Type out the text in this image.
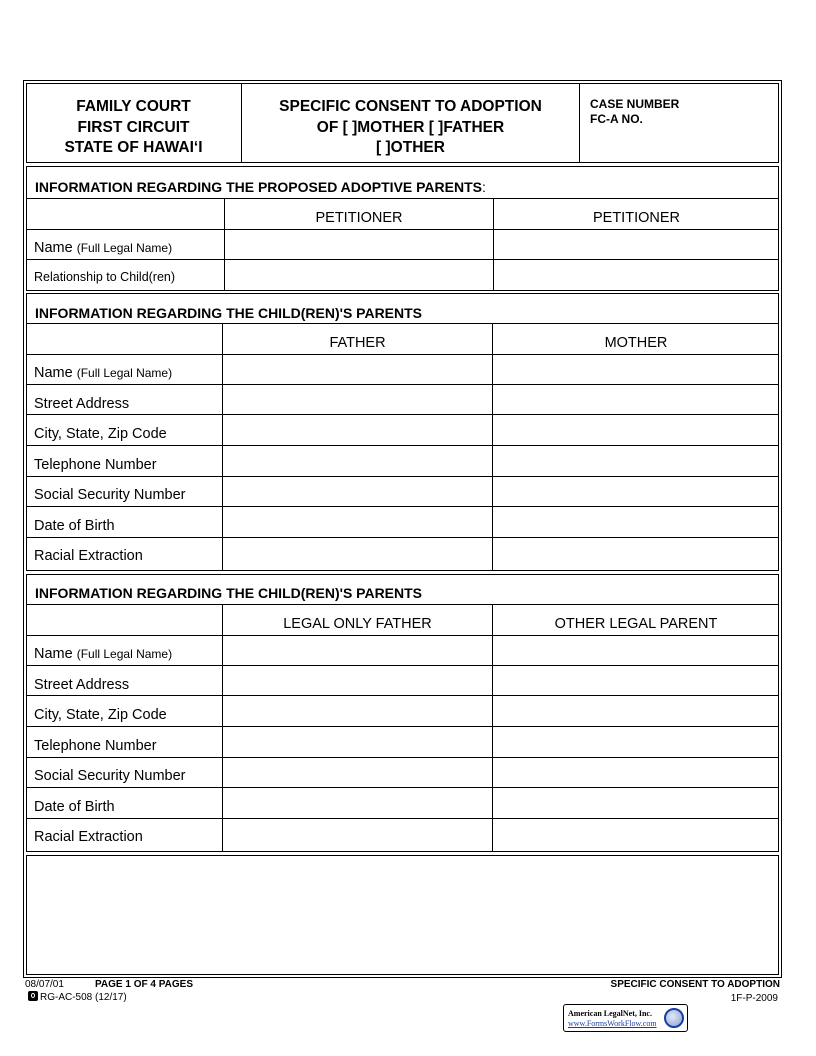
FAMILY COURT
FIRST CIRCUIT
STATE OF HAWAI‘I
SPECIFIC CONSENT TO ADOPTION
OF [ ]MOTHER [ ]FATHER
[ ]OTHER
CASE NUMBER
FC-A NO.
INFORMATION REGARDING THE PROPOSED ADOPTIVE PARENTS:
PETITIONER	PETITIONER
Name (Full Legal Name)
Relationship to Child(ren)
INFORMATION REGARDING THE CHILD(REN)'S PARENTS
FATHER	MOTHER
Name (Full Legal Name)
Street Address
City, State, Zip Code
Telephone Number
Social Security Number
Date of Birth
Racial Extraction
INFORMATION REGARDING THE CHILD(REN)'S PARENTS
LEGAL ONLY FATHER	OTHER LEGAL PARENT
Name (Full Legal Name)
Street Address
City, State, Zip Code
Telephone Number
Social Security Number
Date of Birth
Racial Extraction
08/07/01	PAGE 1 OF 4 PAGES
RG-AC-508 (12/17)
SPECIFIC CONSENT TO ADOPTION
1F-P-2009
American LegalNet, Inc.
www.FormsWorkFlow.com
